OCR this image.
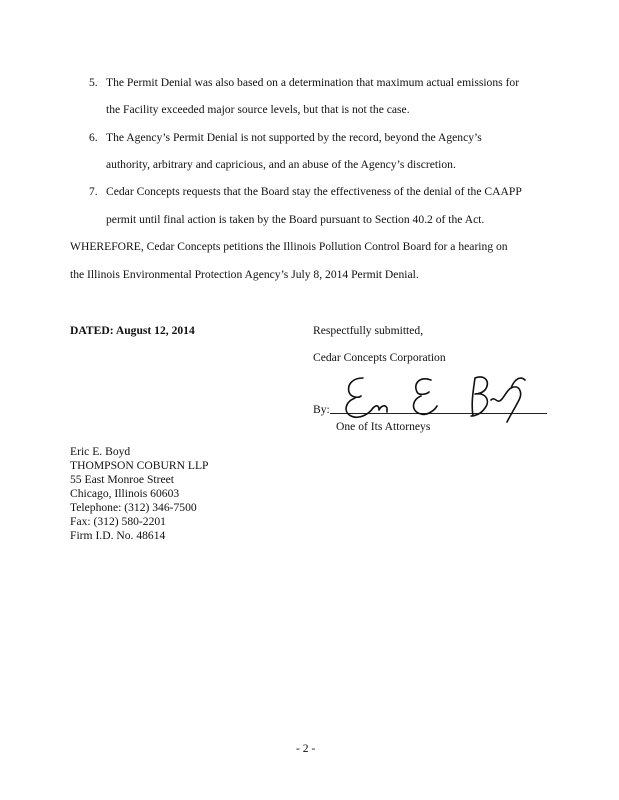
5. The Permit Denial was also based on a determination that maximum actual emissions for
the Facility exceeded major source levels, but that is not the case.
6. The Agency’s Permit Denial is not supported by the record, beyond the Agency’s
authority, arbitrary and capricious, and an abuse of the Agency’s discretion.
7. Cedar Concepts requests that the Board stay the effectiveness of the denial of the CAAPP
permit until final action is taken by the Board pursuant to Section 40.2 of the Act.
WHEREFORE, Cedar Concepts petitions the Illinois Pollution Control Board for a hearing on
the Illinois Environmental Protection Agency’s July 8, 2014 Permit Denial.
DATED: August 12, 2014	Respectfully submitted,
Cedar Concepts Corporation
By:
One of Its Attorneys
Eric E. Boyd
THOMPSON COBURN LLP
55 East Monroe Street
Chicago, Illinois 60603
Telephone: (312) 346-7500
Fax: (312) 580-2201
Firm I.D. No. 48614
- 2 -
